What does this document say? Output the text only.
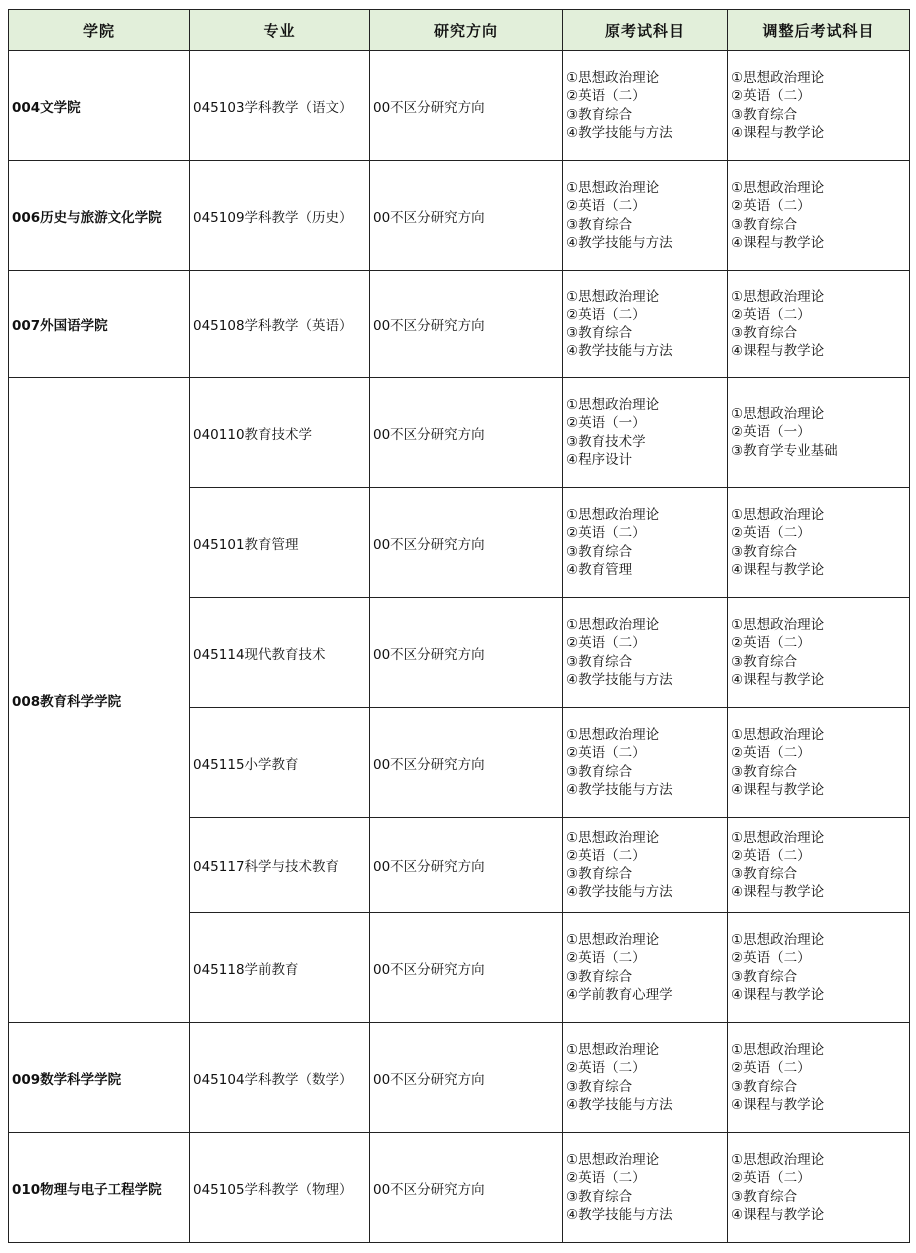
学院	专业	研究方向	原考试科目	调整后考试科目
004文学院	045103学科教学（语文）	00不区分研究方向	①思想政治理论
②英语（二）
③教育综合
④教学技能与方法	①思想政治理论
②英语（二）
③教育综合
④课程与教学论

006历史与旅游文化学院	045109学科教学（历史）	00不区分研究方向	①思想政治理论
②英语（二）
③教育综合
④教学技能与方法	①思想政治理论
②英语（二）
③教育综合
④课程与教学论

007外国语学院	045108学科教学（英语）	00不区分研究方向	①思想政治理论
②英语（二）
③教育综合
④教学技能与方法	①思想政治理论
②英语（二）
③教育综合
④课程与教学论

008教育科学学院	040110教育技术学	00不区分研究方向	①思想政治理论
②英语（一）
③教育技术学
④程序设计	①思想政治理论
②英语（一）
③教育学专业基础

	045101教育管理	00不区分研究方向	①思想政治理论
②英语（二）
③教育综合
④教育管理	①思想政治理论
②英语（二）
③教育综合
④课程与教学论

	045114现代教育技术	00不区分研究方向	①思想政治理论
②英语（二）
③教育综合
④教学技能与方法	①思想政治理论
②英语（二）
③教育综合
④课程与教学论

	045115小学教育	00不区分研究方向	①思想政治理论
②英语（二）
③教育综合
④教学技能与方法	①思想政治理论
②英语（二）
③教育综合
④课程与教学论

	045117科学与技术教育	00不区分研究方向	①思想政治理论
②英语（二）
③教育综合
④教学技能与方法	①思想政治理论
②英语（二）
③教育综合
④课程与教学论

	045118学前教育	00不区分研究方向	①思想政治理论
②英语（二）
③教育综合
④学前教育心理学	①思想政治理论
②英语（二）
③教育综合
④课程与教学论

009数学科学学院	045104学科教学（数学）	00不区分研究方向	①思想政治理论
②英语（二）
③教育综合
④教学技能与方法	①思想政治理论
②英语（二）
③教育综合
④课程与教学论

010物理与电子工程学院	045105学科教学（物理）	00不区分研究方向	①思想政治理论
②英语（二）
③教育综合
④教学技能与方法	①思想政治理论
②英语（二）
③教育综合
④课程与教学论
